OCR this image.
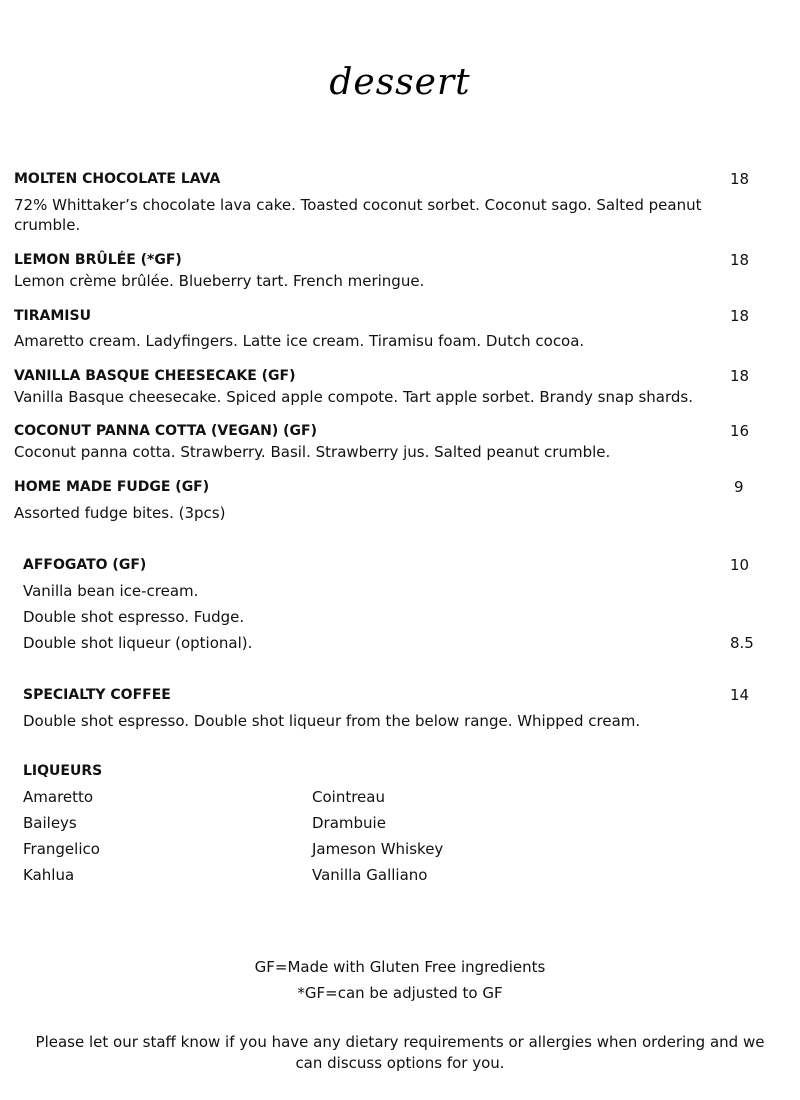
dessert
MOLTEN CHOCOLATE LAVA	18
72% Whittaker’s chocolate lava cake. Toasted coconut sorbet. Coconut sago. Salted peanut crumble.
LEMON BRÛLÉE (*GF)	18
Lemon crème brûlée. Blueberry tart. French meringue.
TIRAMISU	18
Amaretto cream. Ladyfingers. Latte ice cream. Tiramisu foam. Dutch cocoa.
VANILLA BASQUE CHEESECAKE (GF)	18
Vanilla Basque cheesecake. Spiced apple compote. Tart apple sorbet. Brandy snap shards.
COCONUT PANNA COTTA (VEGAN) (GF)	16
Coconut panna cotta. Strawberry. Basil. Strawberry jus. Salted peanut crumble.
HOME MADE FUDGE (GF)	9
Assorted fudge bites. (3pcs)
AFFOGATO (GF)	10
Vanilla bean ice-cream.
Double shot espresso. Fudge.
Double shot liqueur (optional).	8.5
SPECIALTY COFFEE	14
Double shot espresso. Double shot liqueur from the below range. Whipped cream.
LIQUEURS
Amaretto
Baileys
Frangelico
Kahlua
Cointreau
Drambuie
Jameson Whiskey
Vanilla Galliano
GF=Made with Gluten Free ingredients
*GF=can be adjusted to GF
Please let our staff know if you have any dietary requirements or allergies when ordering and we can discuss options for you.
